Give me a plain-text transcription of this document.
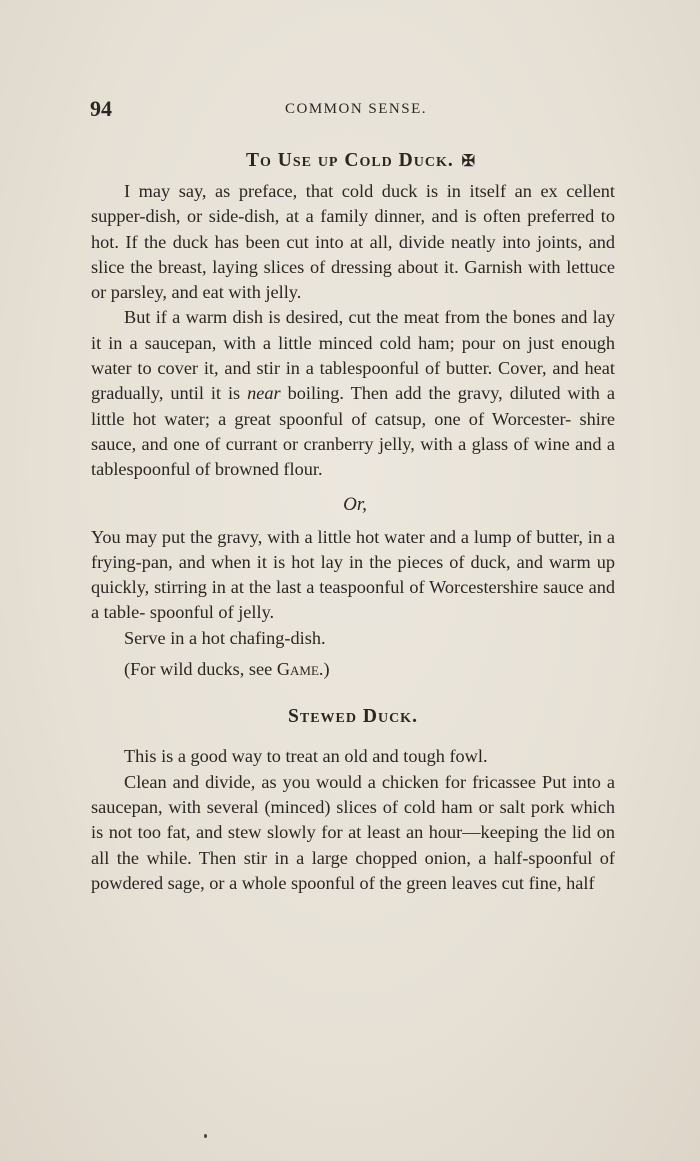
94	COMMON SENSE.
To Use up Cold Duck. ✠

I may say, as preface, that cold duck is in itself an ex cellent supper-dish, or side-dish, at a family dinner, and is often preferred to hot. If the duck has been cut into at all, divide neatly into joints, and slice the breast, laying slices of dressing about it. Garnish with lettuce or parsley, and eat with jelly.

But if a warm dish is desired, cut the meat from the bones and lay it in a saucepan, with a little minced cold ham; pour on just enough water to cover it, and stir in a tablespoonful of butter. Cover, and heat gradually, until it is near boiling. Then add the gravy, diluted with a little hot water; a great spoonful of catsup, one of Worcester- shire sauce, and one of currant or cranberry jelly, with a glass of wine and a tablespoonful of browned flour.

Or,

You may put the gravy, with a little hot water and a lump of butter, in a frying-pan, and when it is hot lay in the pieces of duck, and warm up quickly, stirring in at the last a teaspoonful of Worcestershire sauce and a table- spoonful of jelly.

Serve in a hot chafing-dish.

(For wild ducks, see Game.)

Stewed Duck.

This is a good way to treat an old and tough fowl.

Clean and divide, as you would a chicken for fricassee Put into a saucepan, with several (minced) slices of cold ham or salt pork which is not too fat, and stew slowly for at least an hour—keeping the lid on all the while. Then stir in a large chopped onion, a half-spoonful of powdered sage, or a whole spoonful of the green leaves cut fine, half
